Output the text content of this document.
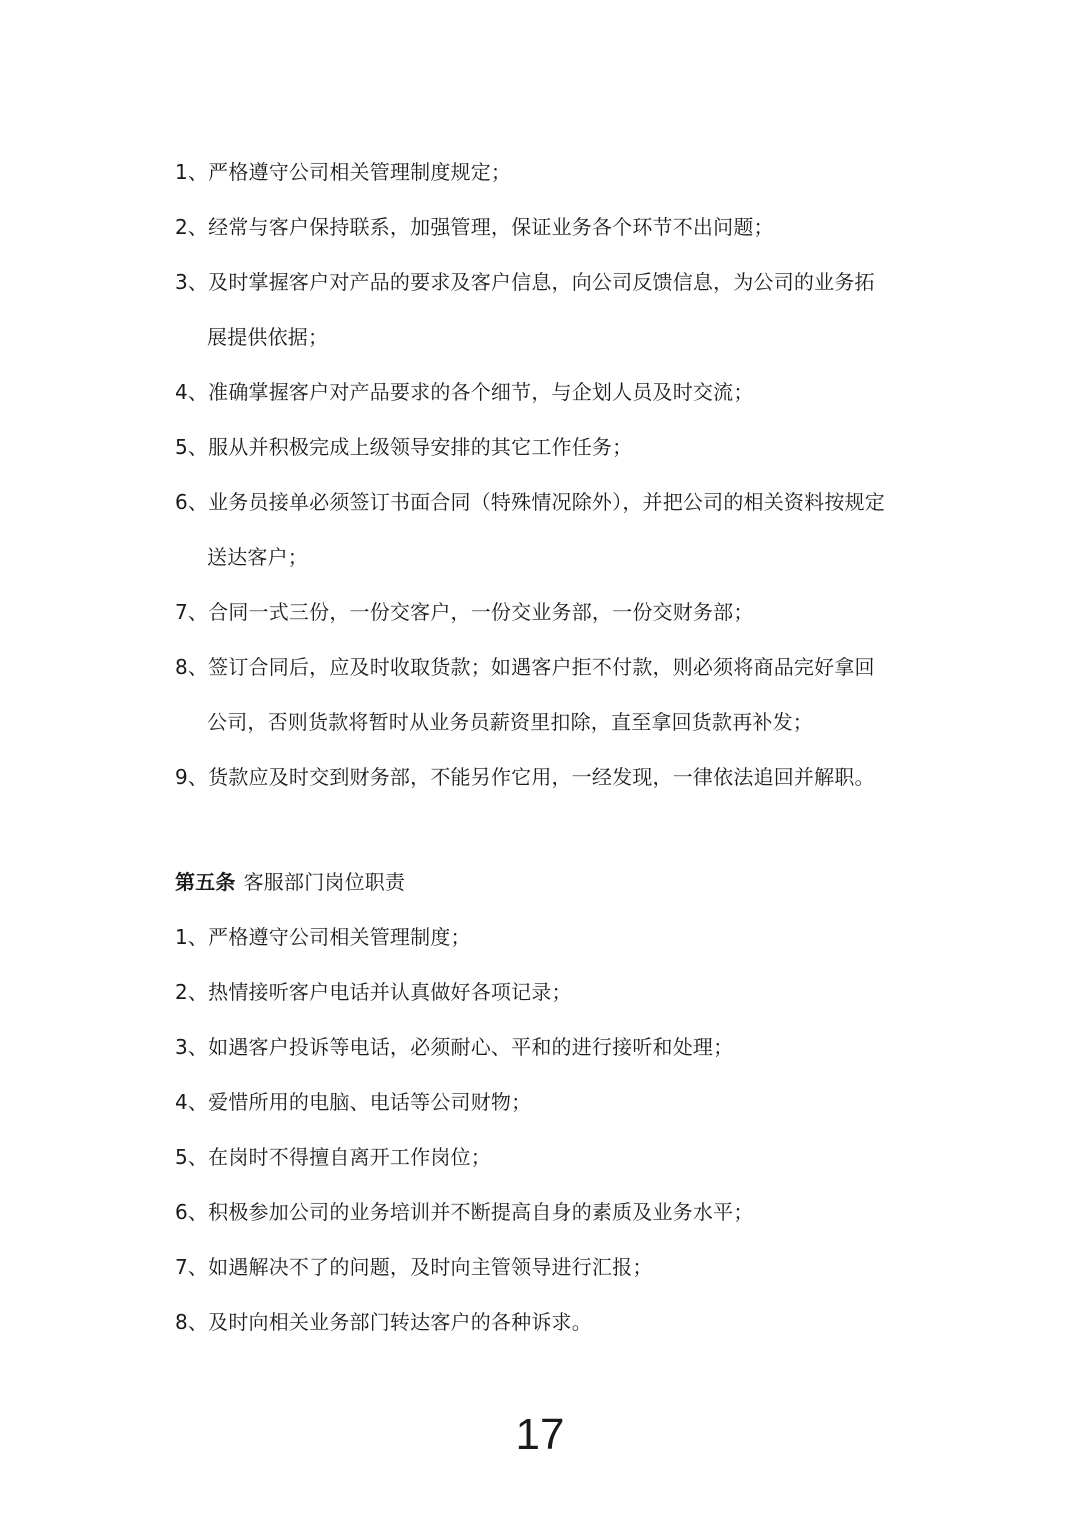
1、严格遵守公司相关管理制度规定；
2、经常与客户保持联系，加强管理，保证业务各个环节不出问题；
3、及时掌握客户对产品的要求及客户信息，向公司反馈信息，为公司的业务拓
展提供依据；
4、准确掌握客户对产品要求的各个细节，与企划人员及时交流；
5、服从并积极完成上级领导安排的其它工作任务；
6、业务员接单必须签订书面合同（特殊情况除外），并把公司的相关资料按规定
送达客户；
7、合同一式三份，一份交客户，一份交业务部，一份交财务部；
8、签订合同后，应及时收取货款；如遇客户拒不付款，则必须将商品完好拿回
公司，否则货款将暂时从业务员薪资里扣除，直至拿回货款再补发；
9、货款应及时交到财务部，不能另作它用，一经发现，一律依法追回并解职。
第五条 客服部门岗位职责
1、严格遵守公司相关管理制度；
2、热情接听客户电话并认真做好各项记录；
3、如遇客户投诉等电话，必须耐心、平和的进行接听和处理；
4、爱惜所用的电脑、电话等公司财物；
5、在岗时不得擅自离开工作岗位；
6、积极参加公司的业务培训并不断提高自身的素质及业务水平；
7、如遇解决不了的问题，及时向主管领导进行汇报；
8、及时向相关业务部门转达客户的各种诉求。
17
